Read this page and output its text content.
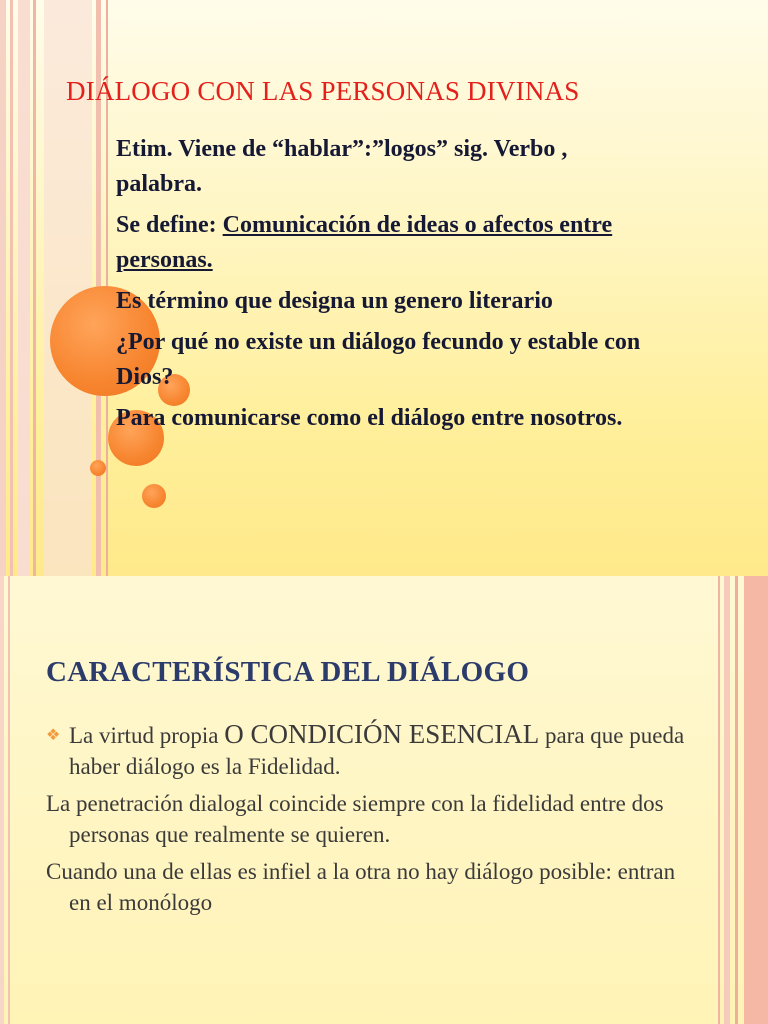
DIÁLOGO CON LAS PERSONAS DIVINAS

Etim. Viene de “hablar”:”logos” sig. Verbo , palabra.

Se define: Comunicación de ideas o afectos entre personas.

Es término que designa un genero literario

¿Por qué no existe un diálogo fecundo y estable con Dios?

Para comunicarse como el diálogo entre nosotros.

CARACTERÍSTICA DEL DIÁLOGO
❖ La virtud propia O CONDICIÓN ESENCIAL para que pueda haber diálogo es la Fidelidad.
La penetración dialogal coincide siempre con la fidelidad entre dos personas que realmente se quieren.
Cuando una de ellas es infiel a la otra no hay diálogo posible: entran en el monólogo
